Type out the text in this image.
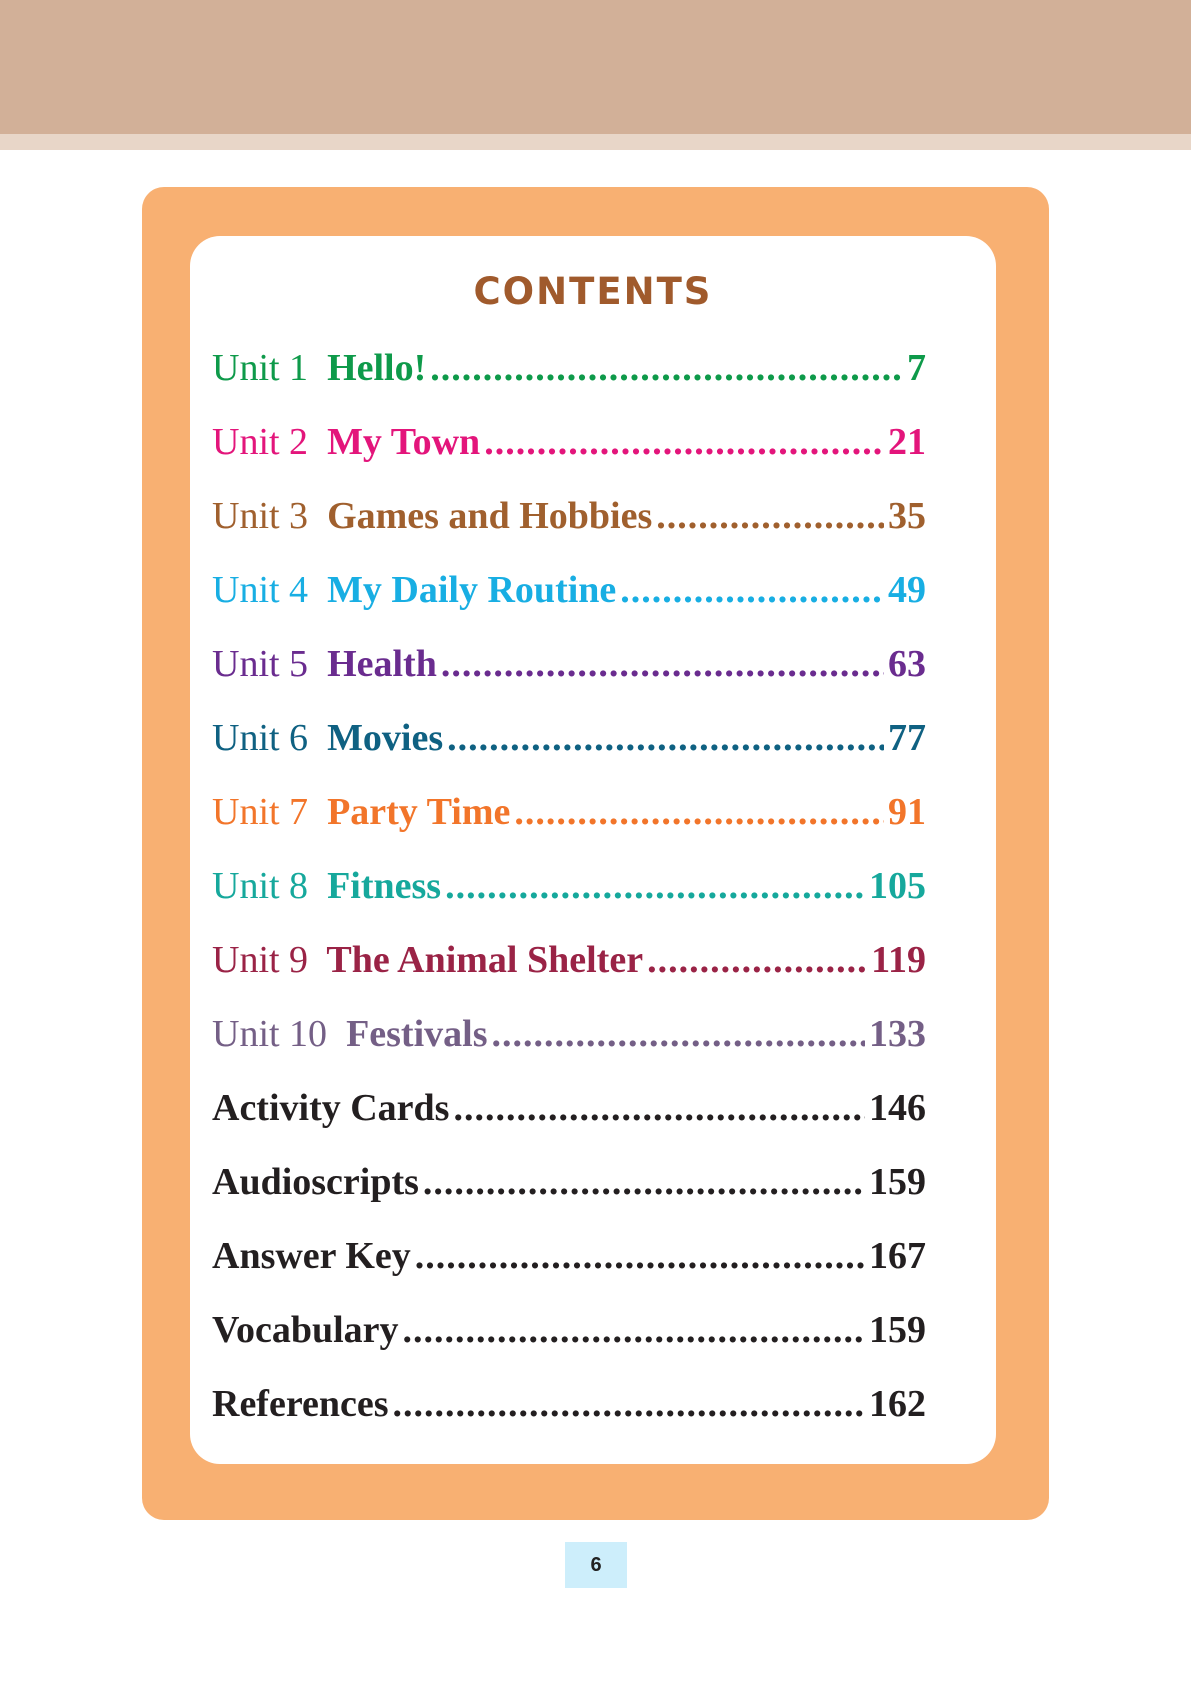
CONTENTS
Unit 1 Hello! .....	7
Unit 2 My Town .....	21
Unit 3 Games and Hobbies .....	35
Unit 4 My Daily Routine .....	49
Unit 5 Health .....	63
Unit 6 Movies .....	77
Unit 7 Party Time .....	91
Unit 8 Fitness .....	105
Unit 9 The Animal Shelter .....	119
Unit 10 Festivals .....	133
Activity Cards .....	146
Audioscripts .....	159
Answer Key .....	167
Vocabulary .....	159
References .....	162
6
